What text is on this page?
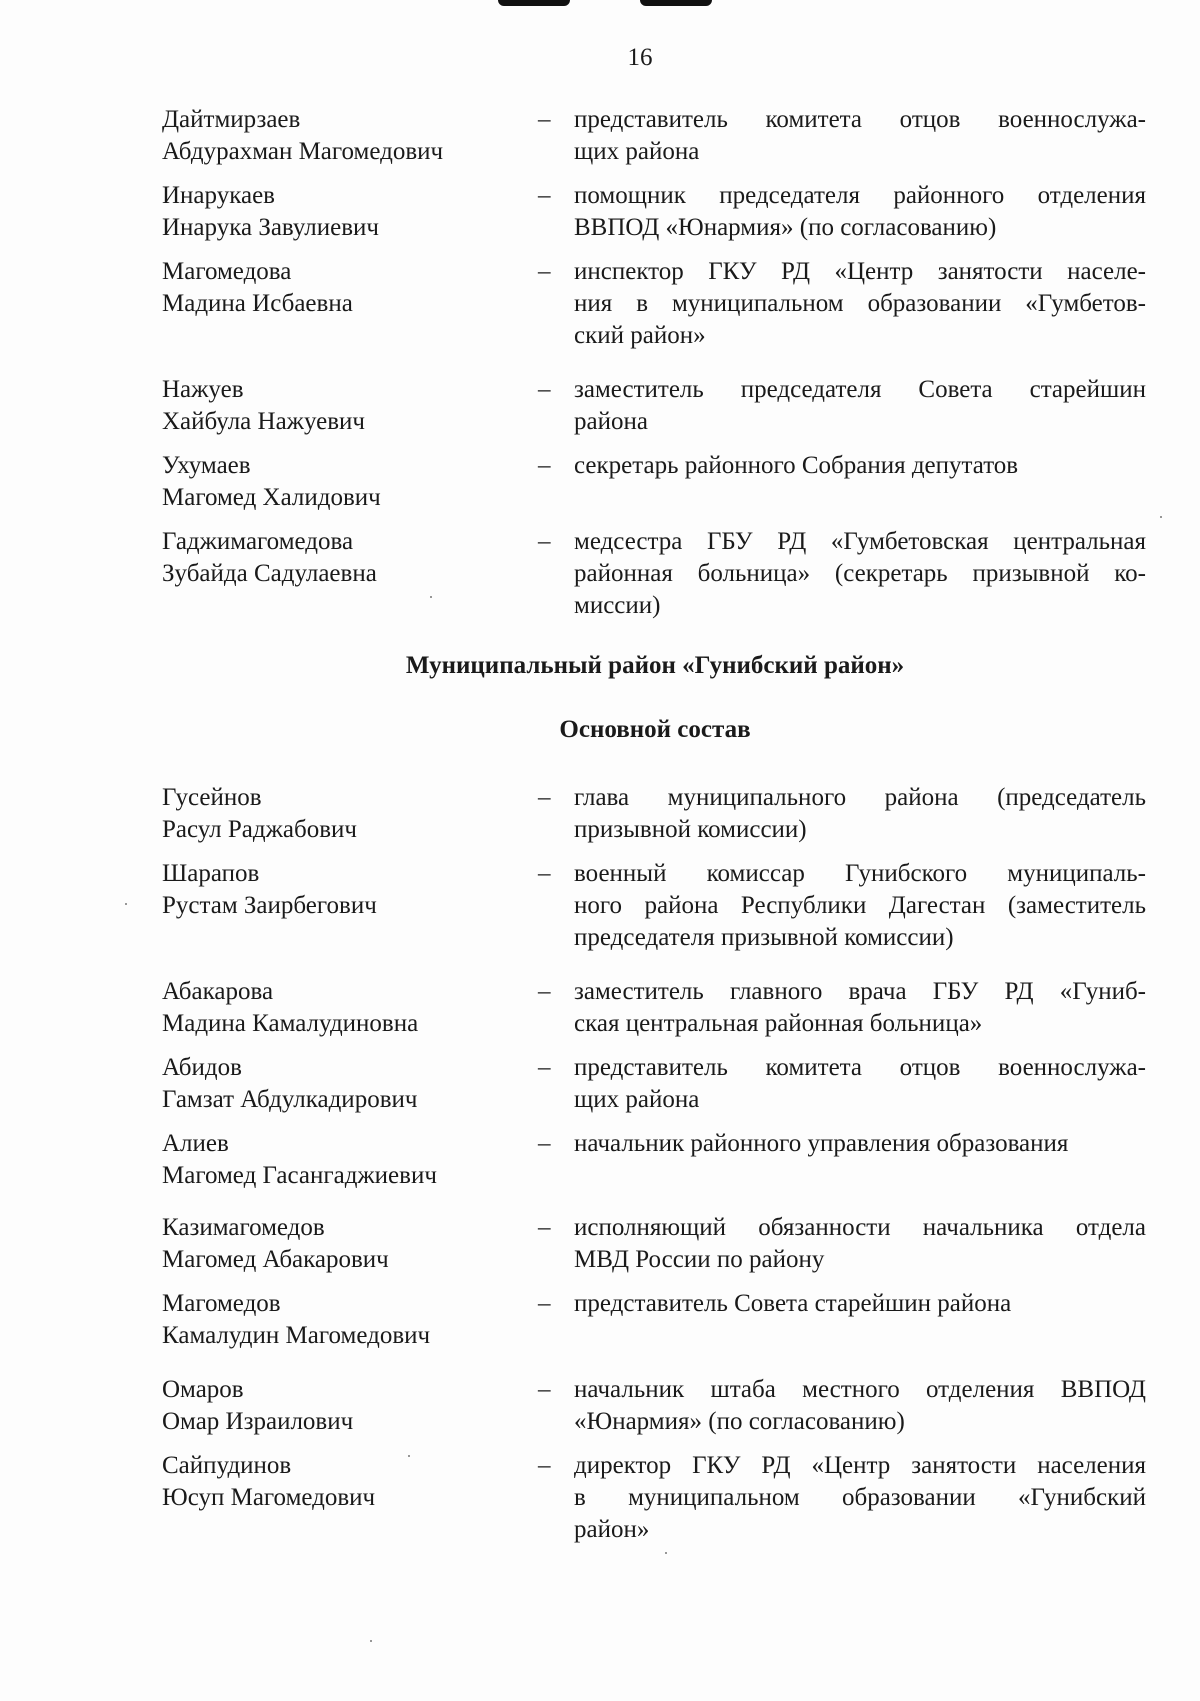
16
Дайтмирзаев
Абдурахман Магомедович
– представитель комитета отцов военнослужа-
щих района
Инарукаев
Инарука Завулиевич
– помощник председателя районного отделения
ВВПОД «Юнармия» (по согласованию)
Магомедова
Мадина Исбаевна
– инспектор ГКУ РД «Центр занятости населе-
ния в муниципальном образовании «Гумбетов-
ский район»
Нажуев
Хайбула Нажуевич
– заместитель председателя Совета старейшин
района
Ухумаев
Магомед Халидович
– секретарь районного Собрания депутатов
Гаджимагомедова
Зубайда Садулаевна
– медсестра ГБУ РД «Гумбетовская центральная
районная больница» (секретарь призывной ко-
миссии)
Муниципальный район «Гунибский район»
Основной состав
Гусейнов
Расул Раджабович
– глава муниципального района (председатель
призывной комиссии)
Шарапов
Рустам Заирбегович
– военный комиссар Гунибского муниципаль-
ного района Республики Дагестан (заместитель
председателя призывной комиссии)
Абакарова
Мадина Камалудиновна
– заместитель главного врача ГБУ РД «Гуниб-
ская центральная районная больница»
Абидов
Гамзат Абдулкадирович
– представитель комитета отцов военнослужа-
щих района
Алиев
Магомед Гасангаджиевич
– начальник районного управления образования
Казимагомедов
Магомед Абакарович
– исполняющий обязанности начальника отдела
МВД России по району
Магомедов
Камалудин Магомедович
– представитель Совета старейшин района
Омаров
Омар Израилович
– начальник штаба местного отделения ВВПОД
«Юнармия» (по согласованию)
Сайпудинов
Юсуп Магомедович
– директор ГКУ РД «Центр занятости населения
в муниципальном образовании «Гунибский
район»
